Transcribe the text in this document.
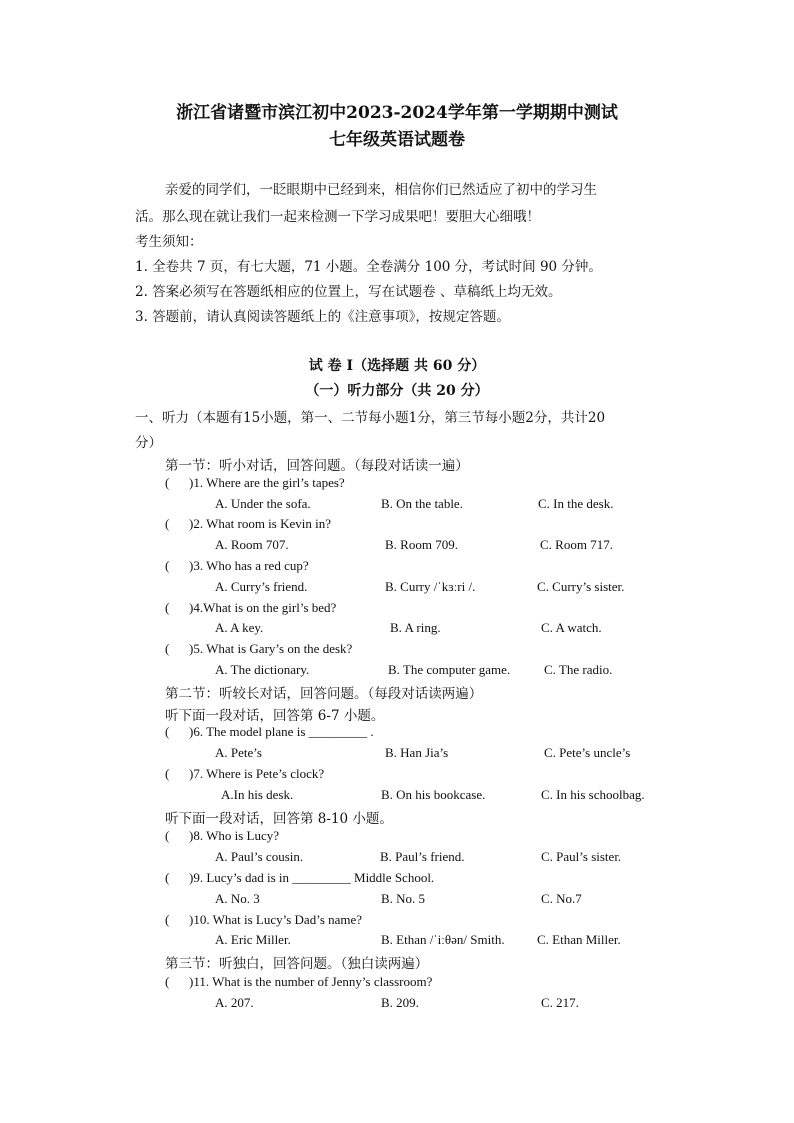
浙江省诸暨市滨江初中2023-2024学年第一学期期中测试
七年级英语试题卷
亲爱的同学们，一眨眼期中已经到来，相信你们已然适应了初中的学习生
活。那么现在就让我们一起来检测一下学习成果吧！要胆大心细哦！
考生须知：
1. 全卷共 7 页，有七大题，71 小题。全卷满分 100 分，考试时间 90 分钟。
2. 答案必须写在答题纸相应的位置上，写在试题卷 、草稿纸上均无效。
3. 答题前，请认真阅读答题纸上的《注意事项》，按规定答题。
试 卷 I（选择题 共 60 分）
（一）听力部分（共 20 分）
一、听力（本题有15小题，第一、二节每小题1分，第三节每小题2分，共计20
分）
第一节：听小对话，回答问题。（每段对话读一遍）
( )1. Where are the girl’s tapes?
A. Under the sofa.	B. On the table.	C. In the desk.
( )2. What room is Kevin in?
A. Room 707.	B. Room 709.	C. Room 717.
( )3. Who has a red cup?
A. Curry’s friend.	B. Curry /ˈkɜːri /.	C. Curry’s sister.
( )4.What is on the girl’s bed?
A. A key.	B. A ring.	C. A watch.
( )5. What is Gary’s on the desk?
A. The dictionary.	B. The computer game.	C. The radio.
第二节：听较长对话，回答问题。（每段对话读两遍）
听下面一段对话，回答第 6-7 小题。
( )6. The model plane is _________ .
A. Pete’s	B. Han Jia’s	C. Pete’s uncle’s
( )7. Where is Pete’s clock?
A.In his desk.	B. On his bookcase.	C. In his schoolbag.
听下面一段对话，回答第 8-10 小题。
( )8. Who is Lucy?
A. Paul’s cousin.	B. Paul’s friend.	C. Paul’s sister.
( )9. Lucy’s dad is in _________ Middle School.
A. No. 3	B. No. 5	C. No.7
( )10. What is Lucy’s Dad’s name?
A. Eric Miller.	B. Ethan /ˈiːθən/ Smith. C. Ethan Miller.
第三节：听独白，回答问题。（独白读两遍）
( )11. What is the number of Jenny’s classroom?
A. 207.	B. 209.	C. 217.
